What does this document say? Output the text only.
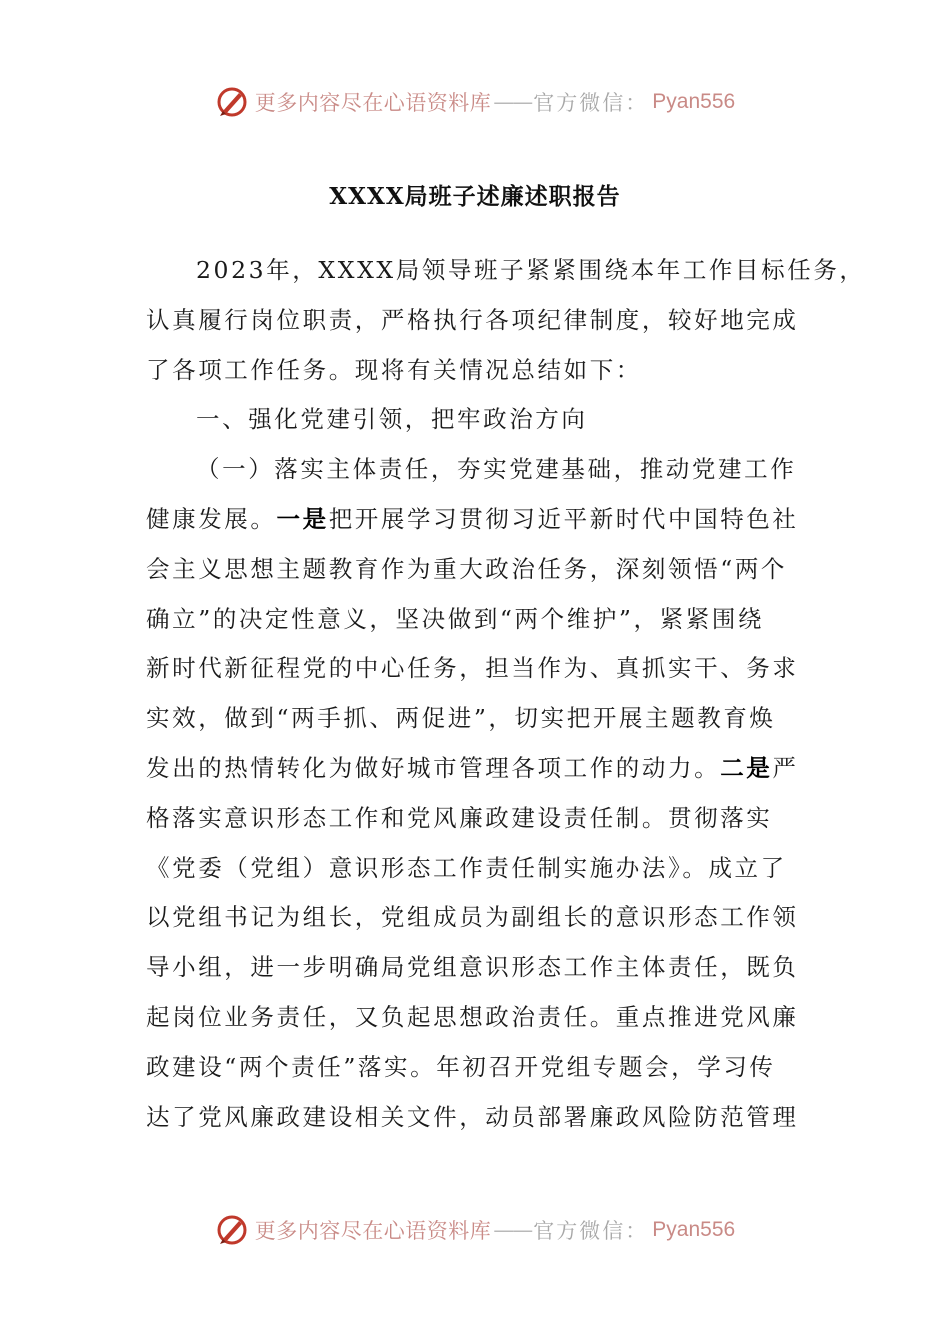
更多内容尽在心语资料库 —— 官方微信： Pyan556
XXXX局班子述廉述职报告
2023年，XXXX局领导班子紧紧围绕本年工作目标任务，
认真履行岗位职责，严格执行各项纪律制度，较好地完成
了各项工作任务。现将有关情况总结如下：
一、强化党建引领，把牢政治方向
（一）落实主体责任，夯实党建基础，推动党建工作
健康发展。一是把开展学习贯彻习近平新时代中国特色社
会主义思想主题教育作为重大政治任务，深刻领悟“两个
确立”的决定性意义，坚决做到“两个维护”，紧紧围绕
新时代新征程党的中心任务，担当作为、真抓实干、务求
实效，做到“两手抓、两促进”，切实把开展主题教育焕
发出的热情转化为做好城市管理各项工作的动力。二是严
格落实意识形态工作和党风廉政建设责任制。贯彻落实
《党委（党组）意识形态工作责任制实施办法》。成立了
以党组书记为组长，党组成员为副组长的意识形态工作领
导小组，进一步明确局党组意识形态工作主体责任，既负
起岗位业务责任，又负起思想政治责任。重点推进党风廉
政建设“两个责任”落实。年初召开党组专题会，学习传
达了党风廉政建设相关文件，动员部署廉政风险防范管理
更多内容尽在心语资料库 —— 官方微信： Pyan556
